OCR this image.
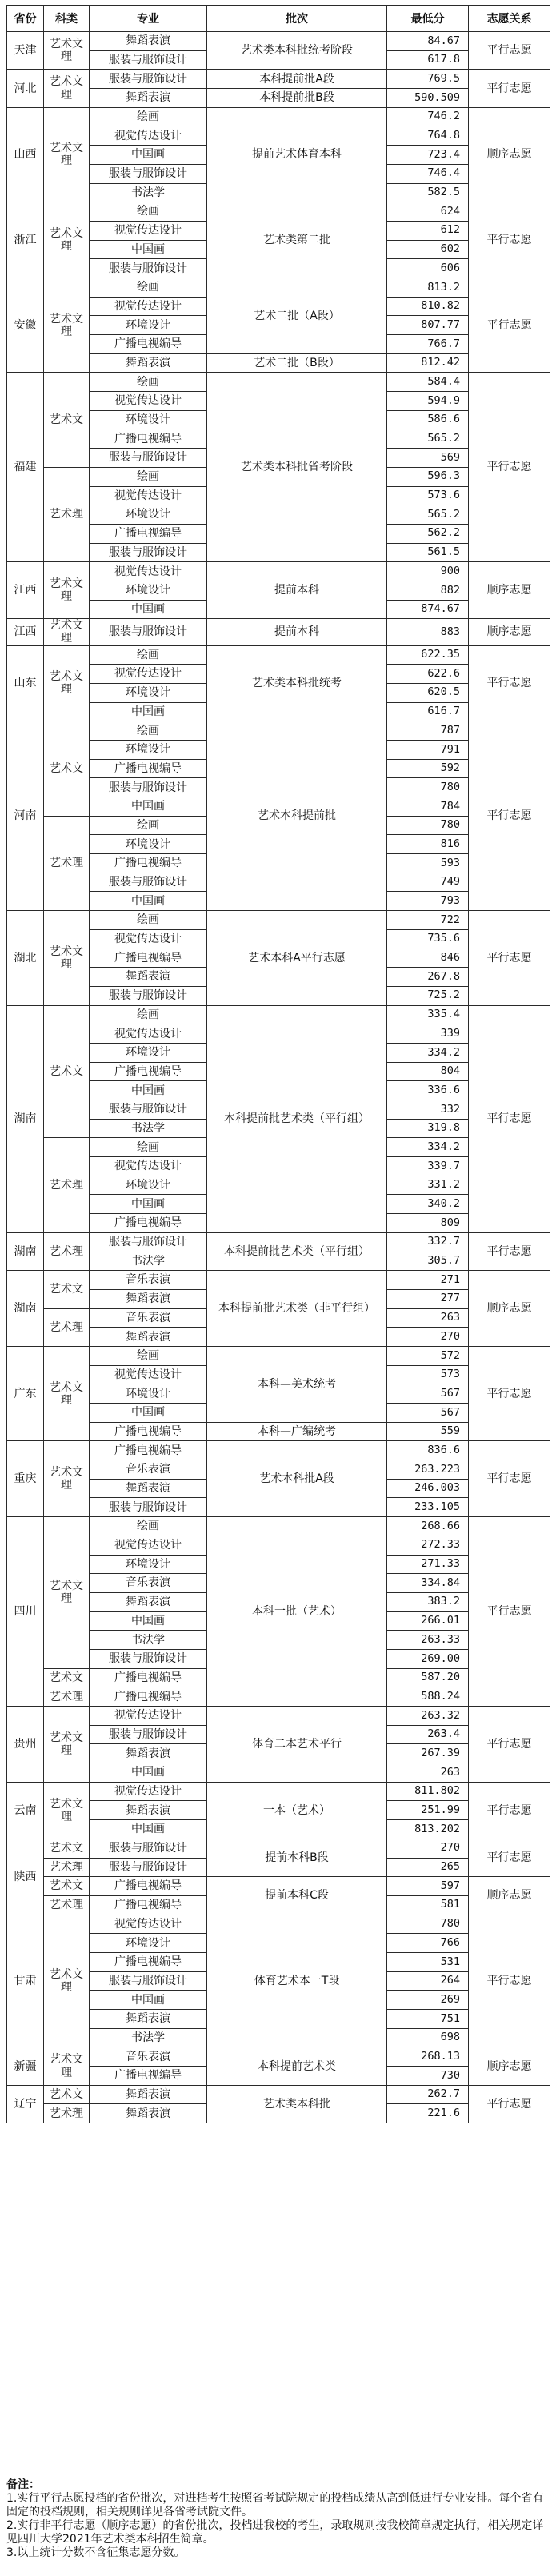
省份	科类	专业	批次	最低分	志愿关系
天津	艺术文理	舞蹈表演	艺术类本科批统考阶段	84.67	平行志愿
		服装与服饰设计		617.8	
河北	艺术文理	服装与服饰设计	本科提前批A段	769.5	平行志愿
		舞蹈表演	本科提前批B段	590.509	
山西	艺术文理	绘画	提前艺术体育本科	746.2	顺序志愿
		视觉传达设计		764.8	
		中国画		723.4	
		服装与服饰设计		746.4	
		书法学		582.5	
浙江	艺术文理	绘画	艺术类第二批	624	平行志愿
		视觉传达设计		612	
		中国画		602	
		服装与服饰设计		606	
安徽	艺术文理	绘画	艺术二批（A段）	813.2	平行志愿
		视觉传达设计		810.82	
		环境设计		807.77	
		广播电视编导		766.7	
		舞蹈表演	艺术二批（B段）	812.42	
福建	艺术文	绘画	艺术类本科批省考阶段	584.4	平行志愿
		视觉传达设计		594.9	
		环境设计		586.6	
		广播电视编导		565.2	
		服装与服饰设计		569	
	艺术理	绘画		596.3	
		视觉传达设计		573.6	
		环境设计		565.2	
		广播电视编导		562.2	
		服装与服饰设计		561.5	
江西	艺术文理	视觉传达设计	提前本科	900	顺序志愿
		环境设计		882	
		中国画		874.67	
江西	艺术文理	服装与服饰设计	提前本科	883	顺序志愿
山东	艺术文理	绘画	艺术类本科批统考	622.35	平行志愿
		视觉传达设计		622.6	
		环境设计		620.5	
		中国画		616.7	
河南	艺术文	绘画	艺术本科提前批	787	平行志愿
		环境设计		791	
		广播电视编导		592	
		服装与服饰设计		780	
		中国画		784	
	艺术理	绘画		780	
		环境设计		816	
		广播电视编导		593	
		服装与服饰设计		749	
		中国画		793	
湖北	艺术文理	绘画	艺术本科A平行志愿	722	平行志愿
		视觉传达设计		735.6	
		广播电视编导		846	
		舞蹈表演		267.8	
		服装与服饰设计		725.2	
湖南	艺术文	绘画	本科提前批艺术类（平行组）	335.4	平行志愿
		视觉传达设计		339	
		环境设计		334.2	
		广播电视编导		804	
		中国画		336.6	
		服装与服饰设计		332	
		书法学		319.8	
	艺术理	绘画		334.2	
		视觉传达设计		339.7	
		环境设计		331.2	
		中国画		340.2	
		广播电视编导		809	
湖南	艺术理	服装与服饰设计	本科提前批艺术类（平行组）	332.7	平行志愿
		书法学		305.7	
湖南	艺术文	音乐表演	本科提前批艺术类（非平行组）	271	顺序志愿
		舞蹈表演		277	
	艺术理	音乐表演		263	
		舞蹈表演		270	
广东	艺术文理	绘画	本科—美术统考	572	平行志愿
		视觉传达设计		573	
		环境设计		567	
		中国画		567	
		广播电视编导	本科—广编统考	559	
重庆	艺术文理	广播电视编导	艺术本科批A段	836.6	平行志愿
		音乐表演		263.223	
		舞蹈表演		246.003	
		服装与服饰设计		233.105	
四川	艺术文理	绘画	本科一批（艺术）	268.66	平行志愿
		视觉传达设计		272.33	
		环境设计		271.33	
		音乐表演		334.84	
		舞蹈表演		383.2	
		中国画		266.01	
		书法学		263.33	
		服装与服饰设计		269.00	
	艺术文	广播电视编导		587.20	
	艺术理	广播电视编导		588.24	
贵州	艺术文理	视觉传达设计	体育二本艺术平行	263.32	平行志愿
		服装与服饰设计		263.4	
		舞蹈表演		267.39	
		中国画		263	
云南	艺术文理	视觉传达设计	一本（艺术）	811.802	平行志愿
		舞蹈表演		251.99	
		中国画		813.202	
陕西	艺术文	服装与服饰设计	提前本科B段	270	平行志愿
	艺术理	服装与服饰设计		265	
	艺术文	广播电视编导	提前本科C段	597	顺序志愿
	艺术理	广播电视编导		581	
甘肃	艺术文理	视觉传达设计	体育艺术本一T段	780	平行志愿
		环境设计		766	
		广播电视编导		531	
		服装与服饰设计		264	
		中国画		269	
		舞蹈表演		751	
		书法学		698	
新疆	艺术文理	音乐表演	本科提前艺术类	268.13	顺序志愿
		广播电视编导		730	
辽宁	艺术文	舞蹈表演	艺术类本科批	262.7	平行志愿
	艺术理	舞蹈表演		221.6	
备注：
1.实行平行志愿投档的省份批次，对进档考生按照省考试院规定的投档成绩从高到低进行专业安排。每个省有固定的投档规则，相关规则详见各省考试院文件。
2.实行非平行志愿（顺序志愿）的省份批次，投档进我校的考生，录取规则按我校简章规定执行，相关规定详见四川大学2021年艺术类本科招生简章。
3.以上统计分数不含征集志愿分数。
